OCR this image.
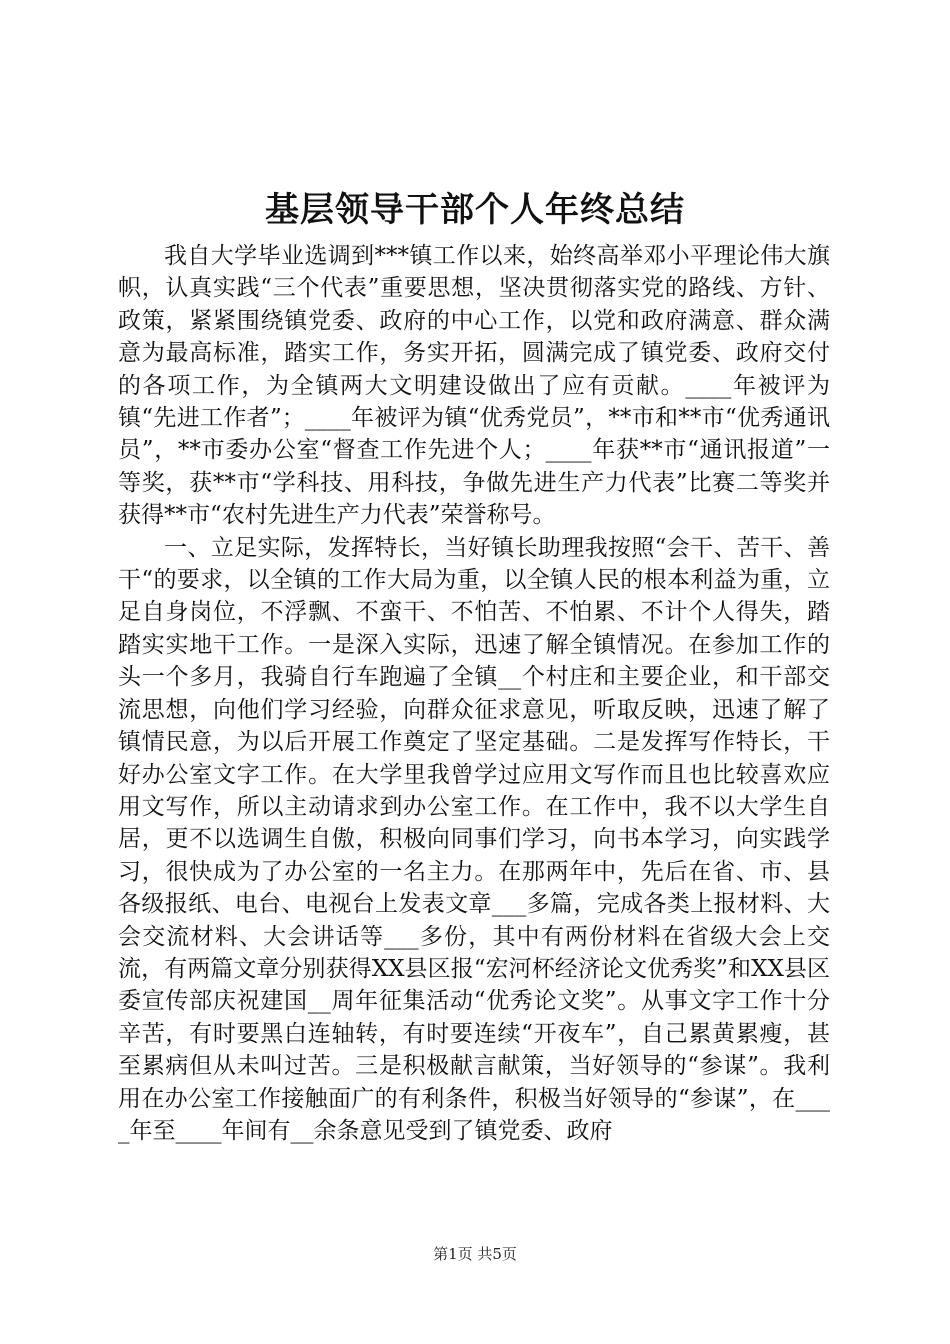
基层领导干部个人年终总结

我自大学毕业选调到***镇工作以来，始终高举邓小平理论伟大旗帜，认真实践“三个代表”重要思想，坚决贯彻落实党的路线、方针、政策，紧紧围绕镇党委、政府的中心工作，以党和政府满意、群众满意为最高标准，踏实工作，务实开拓，圆满完成了镇党委、政府交付的各项工作，为全镇两大文明建设做出了应有贡献。____年被评为镇“先进工作者”；____年被评为镇“优秀党员”，**市和**市“优秀通讯员”，**市委办公室“督查工作先进个人；____年获**市“通讯报道”一等奖，获**市“学科技、用科技，争做先进生产力代表”比赛二等奖并获得**市“农村先进生产力代表”荣誉称号。

一、立足实际，发挥特长，当好镇长助理我按照“会干、苦干、善干“的要求，以全镇的工作大局为重，以全镇人民的根本利益为重，立足自身岗位，不浮飘、不蛮干、不怕苦、不怕累、不计个人得失，踏踏实实地干工作。一是深入实际，迅速了解全镇情况。在参加工作的头一个多月，我骑自行车跑遍了全镇__个村庄和主要企业，和干部交流思想，向他们学习经验，向群众征求意见，听取反映，迅速了解了镇情民意，为以后开展工作奠定了坚定基础。二是发挥写作特长，干好办公室文字工作。在大学里我曾学过应用文写作而且也比较喜欢应用文写作，所以主动请求到办公室工作。在工作中，我不以大学生自居，更不以选调生自傲，积极向同事们学习，向书本学习，向实践学习，很快成为了办公室的一名主力。在那两年中，先后在省、市、县各级报纸、电台、电视台上发表文章___多篇，完成各类上报材料、大会交流材料、大会讲话等___多份，其中有两份材料在省级大会上交流，有两篇文章分别获得XX县区报“宏河杯经济论文优秀奖”和XX县区委宣传部庆祝建国__周年征集活动“优秀论文奖”。从事文字工作十分辛苦，有时要黑白连轴转，有时要连续“开夜车”，自己累黄累瘦，甚至累病但从未叫过苦。三是积极献言献策，当好领导的“参谋”。我利用在办公室工作接触面广的有利条件，积极当好领导的“参谋”，在____年至____年间有__余条意见受到了镇党委、政府

第1页 共5页
